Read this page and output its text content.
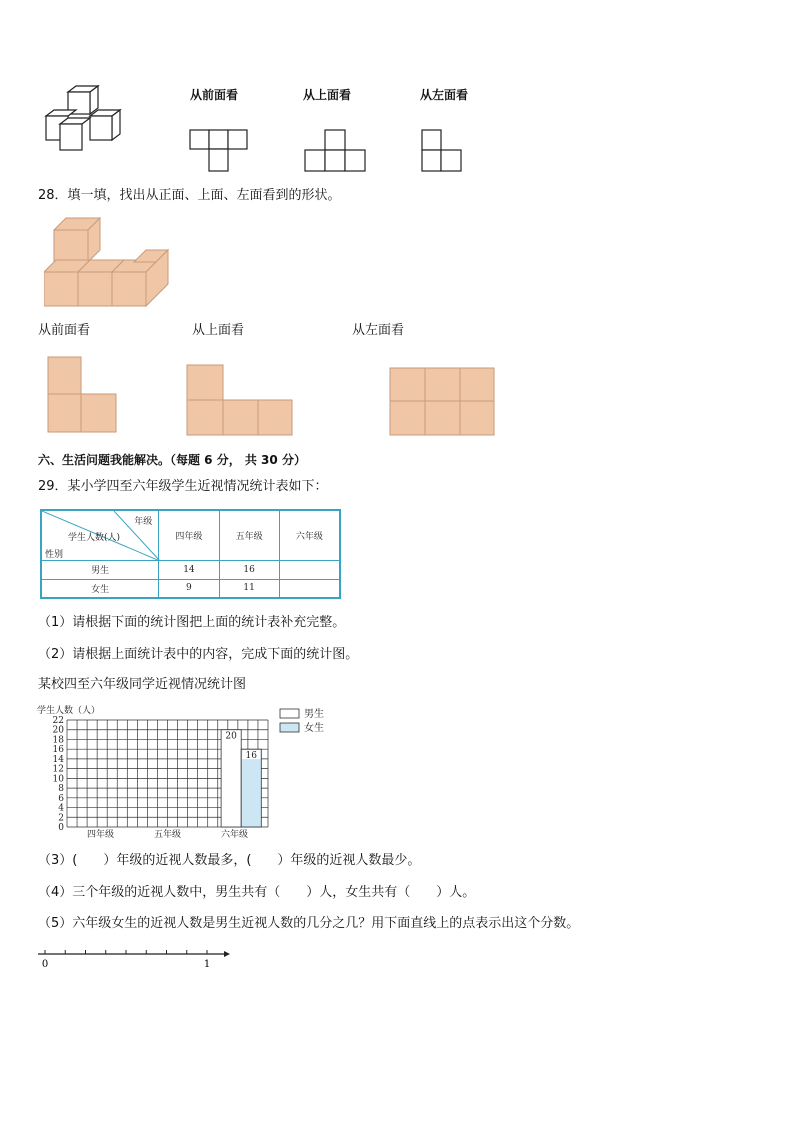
从前面看	从上面看	从左面看
28．填一填，找出从正面、上面、左面看到的形状。
从前面看	从上面看	从左面看
六、生活问题我能解决。（每题 6 分， 共 30 分）
29．某小学四至六年级学生近视情况统计表如下：
年级
学生人数(人)
性别	四年级	五年级	六年级
男生	14	16	
女生	9	11	
（1）请根据下面的统计图把上面的统计表补充完整。
（2）请根据上面统计表中的内容，完成下面的统计图。
某校四至六年级同学近视情况统计图
学生人数（人）
0
2
4
6
8
10
12
14
16
18
20
22
20
16
四年级	五年级	六年级
男生
女生
（3）(　　）年级的近视人数最多，(　　）年级的近视人数最少。
（4）三个年级的近视人数中，男生共有（　　）人，女生共有（　　）人。
（5）六年级女生的近视人数是男生近视人数的几分之几？用下面直线上的点表示出这个分数。
0	1
